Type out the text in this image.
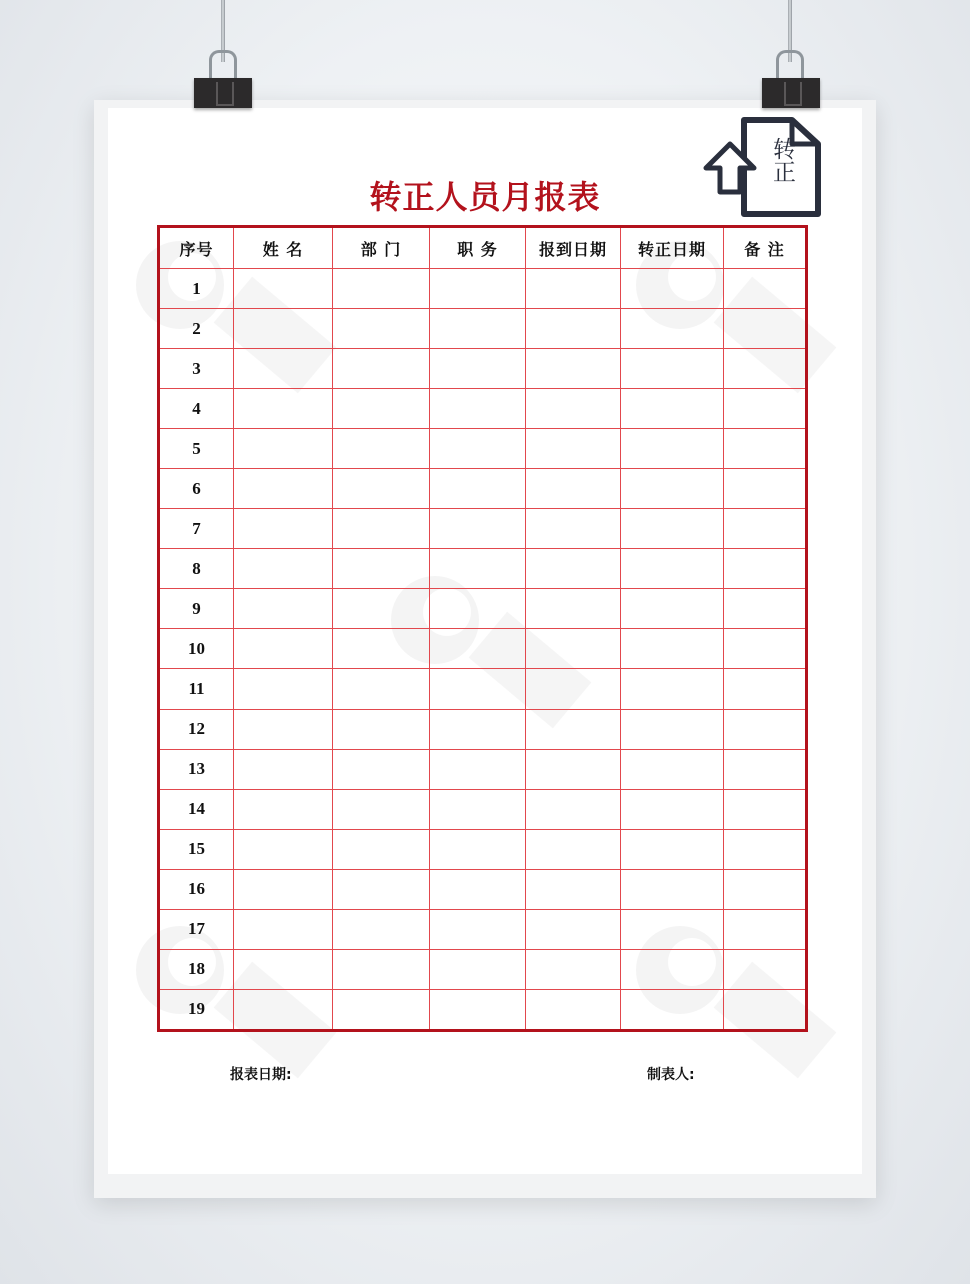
转正人员月报表
转正
序号	姓 名	部 门	职 务	报到日期	转正日期	备 注
1						
2						
3						
4						
5						
6						
7						
8						
9						
10						
11						
12						
13						
14						
15						
16						
17						
18						
19						
报表日期:	制表人:
